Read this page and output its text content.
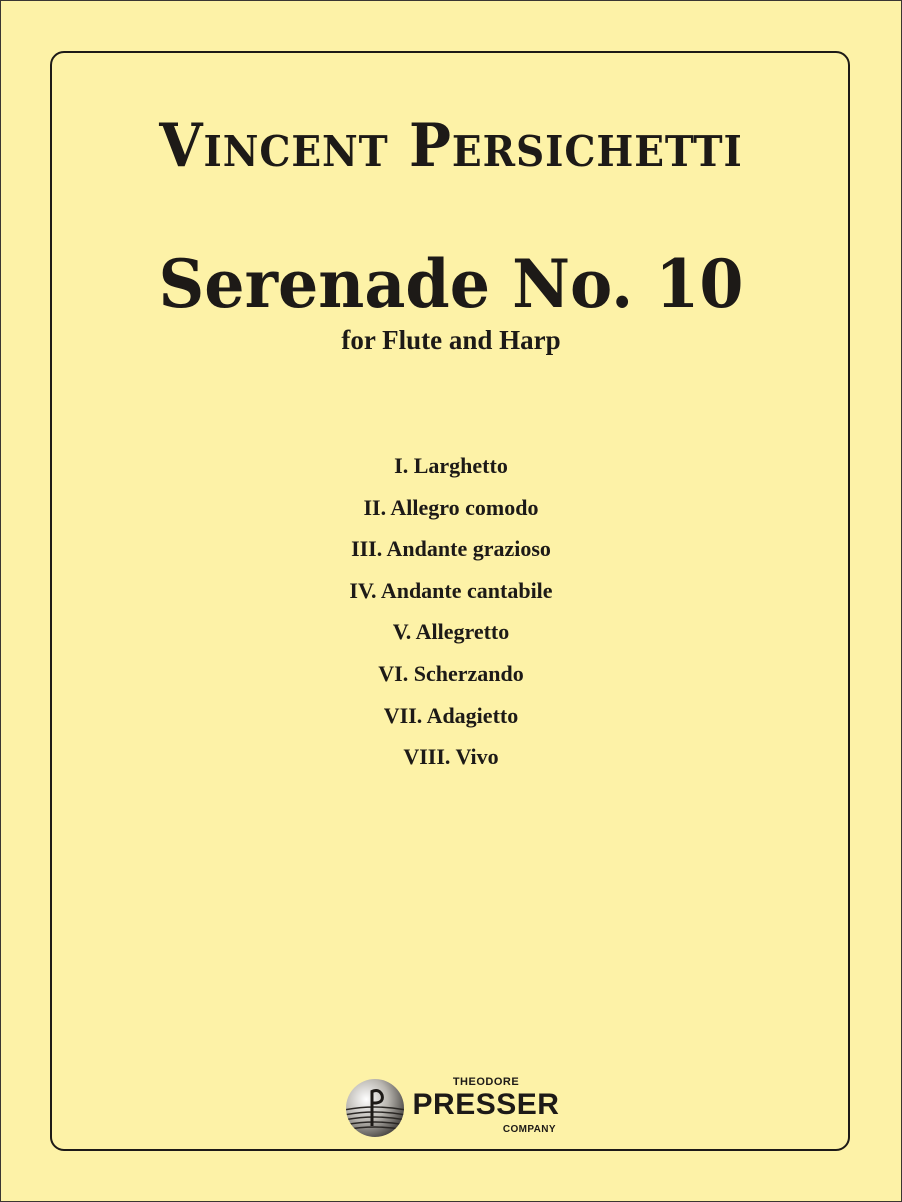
Vincent Persichetti
Serenade No. 10
for Flute and Harp
I. Larghetto
II. Allegro comodo
III. Andante grazioso
IV. Andante cantabile
V. Allegretto
VI. Scherzando
VII. Adagietto
VIII. Vivo
THEODORE
PRESSER
COMPANY
